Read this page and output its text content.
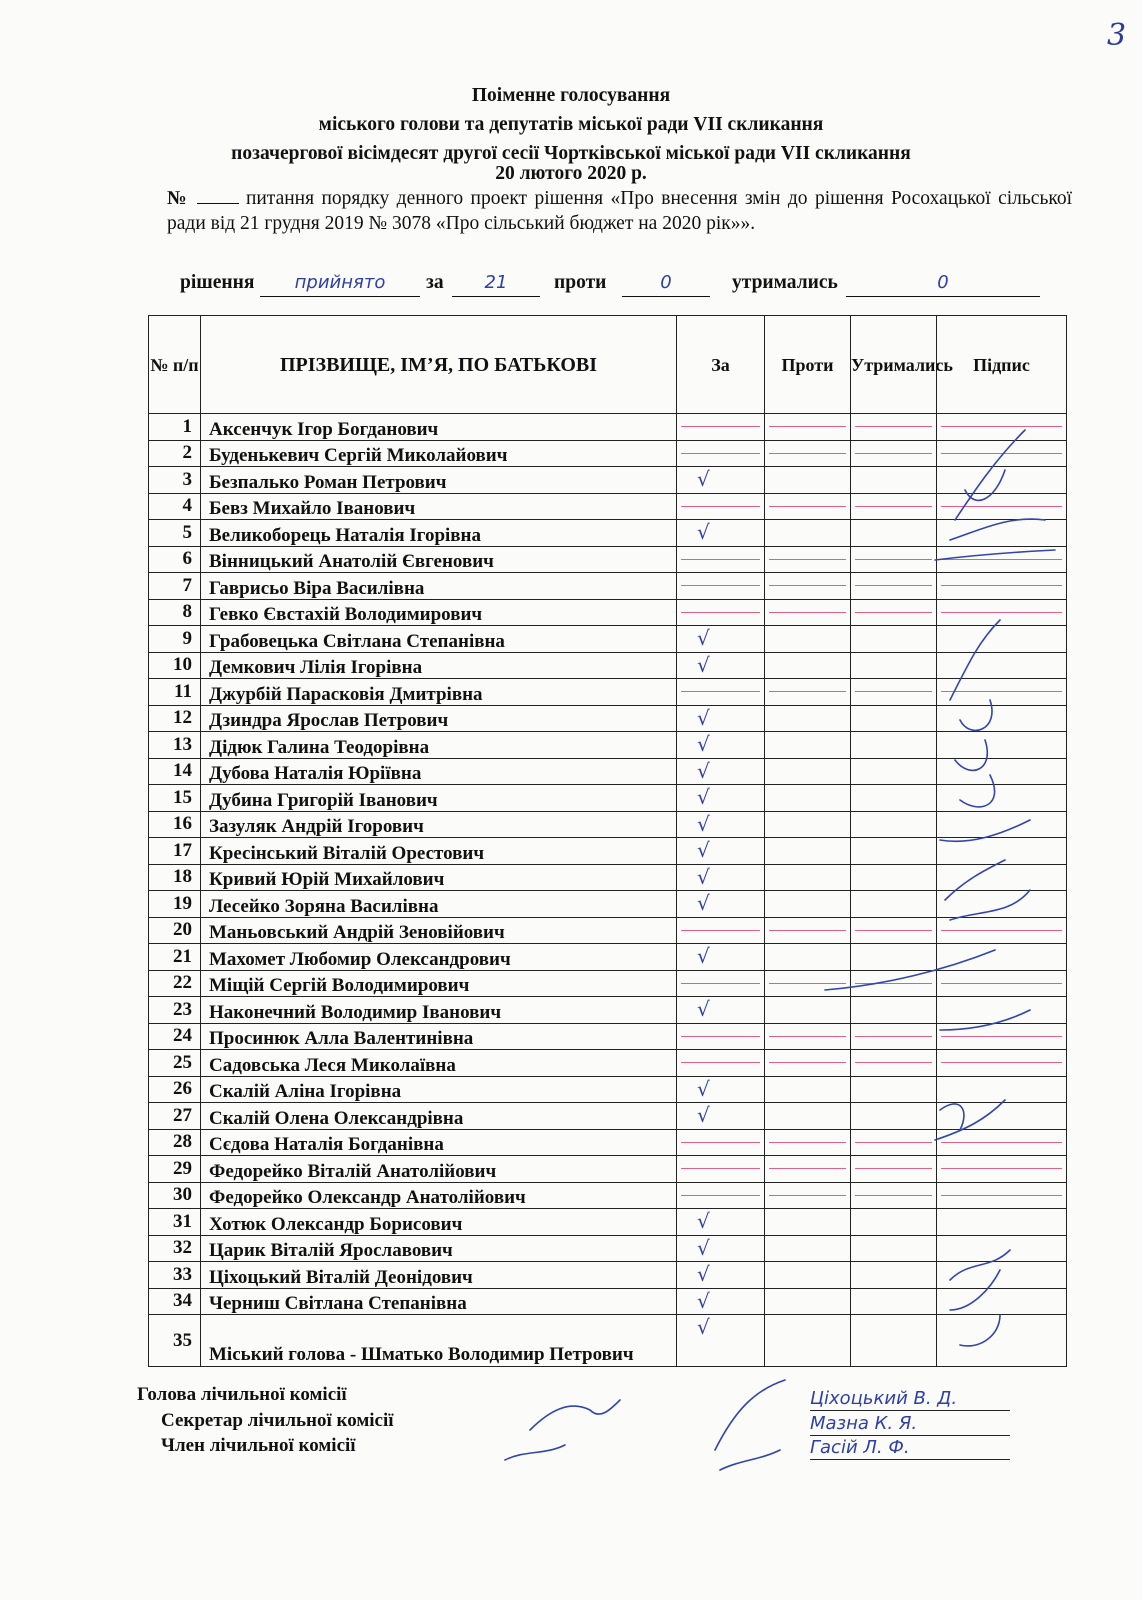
3
Поіменне голосування
міського голови та депутатів міської ради VІІ скликання
позачергової вісімдесят другої сесії Чортківської міської ради VІІ скликання
20 лютого 2020 р.
№	питання порядку денного проект рішення «Про внесення змін до рішення Росохацької сільської ради від 21 грудня 2019 № 3078 «Про сільський бюджет на 2020 рік»».
рішення	прийнято	за	21	проти	0	утримались	0
№ п/п	ПРІЗВИЩЕ, ІМ’Я, ПО БАТЬКОВІ	За	Проти	Утримались	Підпис
1	Аксенчук Ігор Богданович	

2	Буденькевич Сергій Миколайович	

3	Безпалько Роман Петрович	√			

4	Бевз Михайло Іванович	

5	Великоборець Наталія Ігорівна	√			

6	Вінницький Анатолій Євгенович	

7	Гаврисьо Віра Василівна	

8	Гевко Євстахій Володимирович	

9	Грабовецька Світлана Степанівна	√			

10	Демкович Лілія Ігорівна	√			

11	Джурбій Парасковія Дмитрівна	

12	Дзиндра Ярослав Петрович	√			

13	Дідюк Галина Теодорівна	√			

14	Дубова Наталія Юріївна	√			

15	Дубина Григорій Іванович	√			

16	Зазуляк Андрій Ігорович	√			

17	Кресінський Віталій Орестович	√			

18	Кривий Юрій Михайлович	√			

19	Лесейко Зоряна Василівна	√			

20	Маньовський Андрій Зеновійович	

21	Махомет Любомир Олександрович	√			

22	Міщій Сергій Володимирович	

23	Наконечний Володимир Іванович	√			

24	Просинюк Алла Валентинівна	

25	Садовська Леся Миколаївна	

26	Скалій Аліна Ігорівна	√			

27	Скалій Олена Олександрівна	√			

28	Сєдова Наталія Богданівна	

29	Федорейко Віталій Анатолійович	

30	Федорейко Олександр Анатолійович	

31	Хотюк Олександр Борисович	√			

32	Царик Віталій Ярославович	√			

33	Ціхоцький Віталій Деонідович	√			

34	Черниш Світлана Степанівна	√			

35	Міський голова - Шматько Володимир Петрович	√			

Голова лічильної комісії
Секретар лічильної комісії
Член лічильної комісії
Ціхоцький В. Д.
Мазна К. Я.
Гасій Л. Ф.
